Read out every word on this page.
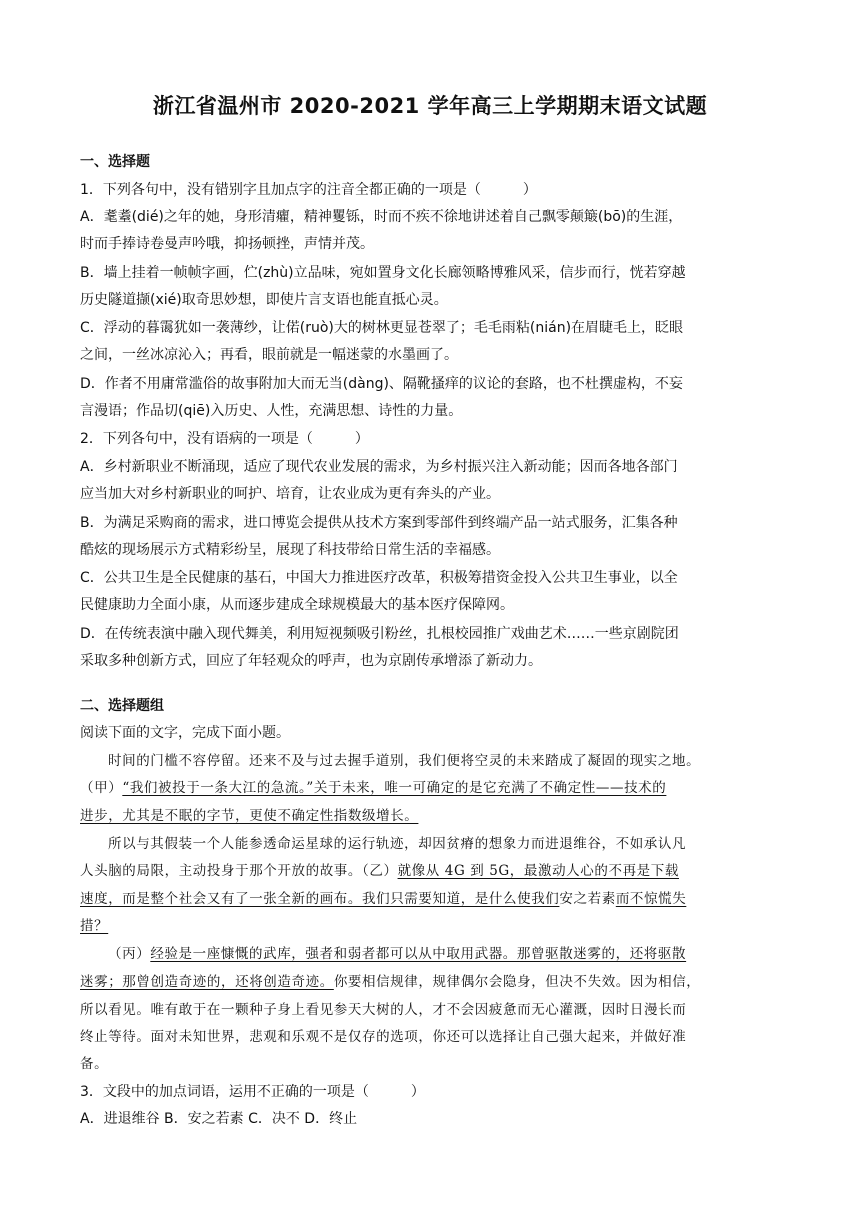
浙江省温州市 2020-2021 学年高三上学期期末语文试题
一、选择题
1．下列各句中，没有错别字且加点字的注音全都正确的一项是（　　　）
A．耄耋(dié)之年的她，身形清癯，精神矍铄，时而不疾不徐地讲述着自己飘零颠簸(bō)的生涯，
时而手捧诗卷曼声吟哦，抑扬顿挫，声情并茂。
B．墙上挂着一帧帧字画，伫(zhù)立品味，宛如置身文化长廊领略博雅风采，信步而行，恍若穿越
历史隧道撷(xié)取奇思妙想，即使片言支语也能直抵心灵。
C．浮动的暮霭犹如一袭薄纱，让偌(ruò)大的树林更显苍翠了；毛毛雨粘(nián)在眉睫毛上，眨眼
之间，一丝冰凉沁入；再看，眼前就是一幅迷蒙的水墨画了。
D．作者不用庸常滥俗的故事附加大而无当(dàng)、隔靴搔痒的议论的套路，也不杜撰虚构，不妄
言漫语；作品切(qiē)入历史、人性，充满思想、诗性的力量。
2．下列各句中，没有语病的一项是（　　　）
A．乡村新职业不断涌现，适应了现代农业发展的需求，为乡村振兴注入新动能；因而各地各部门
应当加大对乡村新职业的呵护、培育，让农业成为更有奔头的产业。
B．为满足采购商的需求，进口博览会提供从技术方案到零部件到终端产品一站式服务，汇集各种
酷炫的现场展示方式精彩纷呈，展现了科技带给日常生活的幸福感。
C．公共卫生是全民健康的基石，中国大力推进医疗改革，积极筹措资金投入公共卫生事业，以全
民健康助力全面小康，从而逐步建成全球规模最大的基本医疗保障网。
D．在传统表演中融入现代舞美，利用短视频吸引粉丝，扎根校园推广戏曲艺术……一些京剧院团
采取多种创新方式，回应了年轻观众的呼声，也为京剧传承增添了新动力。
二、选择题组
阅读下面的文字，完成下面小题。
时间的门槛不容停留。还来不及与过去握手道别，我们便将空灵的未来踏成了凝固的现实之地。
（甲）“我们被投于一条大江的急流。”关于未来，唯一可确定的是它充满了不确定性——技术的
进步，尤其是不眠的字节，更使不确定性指数级增长。
所以与其假装一个人能参透命运星球的运行轨迹，却因贫瘠的想象力而进退维谷，不如承认凡
人头脑的局限，主动投身于那个开放的故事。（乙）就像从 4G 到 5G，最激动人心的不再是下载
速度，而是整个社会又有了一张全新的画布。我们只需要知道，是什么使我们安之若素而不惊慌失
措？
（丙）经验是一座慷慨的武库，强者和弱者都可以从中取用武器。那曾驱散迷雾的，还将驱散
迷雾；那曾创造奇迹的，还将创造奇迹。你要相信规律，规律偶尔会隐身，但决不失效。因为相信，
所以看见。唯有敢于在一颗种子身上看见参天大树的人，才不会因疲惫而无心灌溉，因时日漫长而
终止等待。面对未知世界，悲观和乐观不是仅存的选项，你还可以选择让自己强大起来，并做好准
备。
3．文段中的加点词语，运用不正确的一项是（　　　）
A．进退维谷 B．安之若素 C．决不 D．终止
